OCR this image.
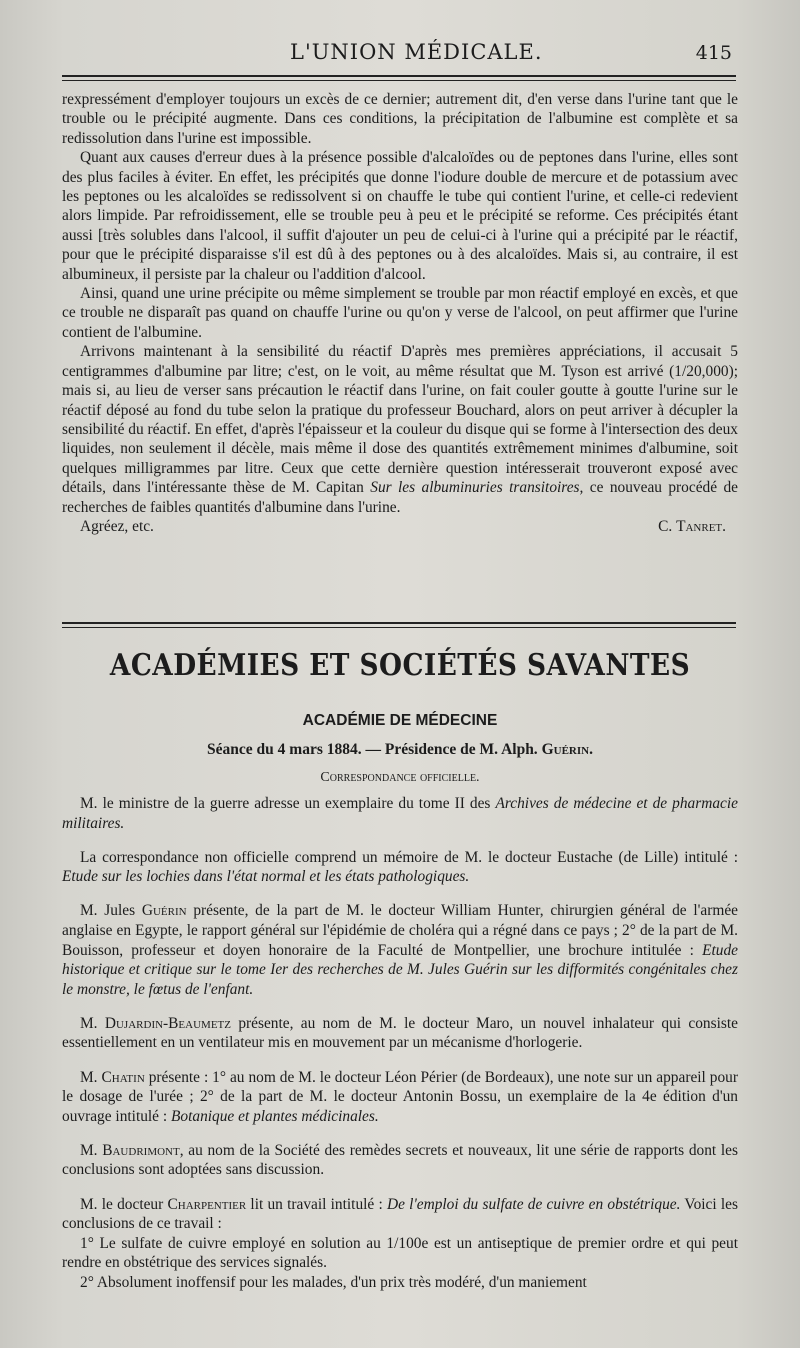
L'UNION MÉDICALE.	415

rexpressément d'employer toujours un excès de ce dernier; autrement dit, d'en verse dans l'urine tant que le trouble ou le précipité augmente. Dans ces conditions, la précipitation de l'albumine est complète et sa redissolution dans l'urine est impossible.

Quant aux causes d'erreur dues à la présence possible d'alcaloïdes ou de peptones dans l'urine, elles sont des plus faciles à éviter. En effet, les précipités que donne l'iodure double de mercure et de potassium avec les peptones ou les alcaloïdes se redissolvent si on chauffe le tube qui contient l'urine, et celle-ci redevient alors limpide. Par refroidissement, elle se trouble peu à peu et le précipité se reforme. Ces précipités étant aussi [très solubles dans l'alcool, il suffit d'ajouter un peu de celui-ci à l'urine qui a précipité par le réactif, pour que le précipité disparaisse s'il est dû à des peptones ou à des alcaloïdes. Mais si, au contraire, il est albumineux, il persiste par la chaleur ou l'addition d'alcool.

Ainsi, quand une urine précipite ou même simplement se trouble par mon réactif employé en excès, et que ce trouble ne disparaît pas quand on chauffe l'urine ou qu'on y verse de l'alcool, on peut affirmer que l'urine contient de l'albumine.

Arrivons maintenant à la sensibilité du réactif D'après mes premières appréciations, il accusait 5 centigrammes d'albumine par litre; c'est, on le voit, au même résultat que M. Tyson est arrivé (1/20,000); mais si, au lieu de verser sans précaution le réactif dans l'urine, on fait couler goutte à goutte l'urine sur le réactif déposé au fond du tube selon la pratique du professeur Bouchard, alors on peut arriver à décupler la sensibilité du réactif. En effet, d'après l'épaisseur et la couleur du disque qui se forme à l'intersection des deux liquides, non seulement il décèle, mais même il dose des quantités extrêmement minimes d'albumine, soit quelques milligrammes par litre. Ceux que cette dernière question intéresserait trouveront exposé avec détails, dans l'intéressante thèse de M. Capitan Sur les albuminuries transitoires, ce nouveau procédé de recherches de faibles quantités d'albumine dans l'urine.

Agréez, etc.	C. Tanret.
ACADÉMIES ET SOCIÉTÉS SAVANTES
ACADÉMIE DE MÉDECINE
Séance du 4 mars 1884. — Présidence de M. Alph. Guérin.
Correspondance officielle.

M. le ministre de la guerre adresse un exemplaire du tome II des Archives de médecine et de pharmacie militaires.

La correspondance non officielle comprend un mémoire de M. le docteur Eustache (de Lille) intitulé : Etude sur les lochies dans l'état normal et les états pathologiques.

M. Jules Guérin présente, de la part de M. le docteur William Hunter, chirurgien général de l'armée anglaise en Egypte, le rapport général sur l'épidémie de choléra qui a régné dans ce pays ; 2° de la part de M. Bouisson, professeur et doyen honoraire de la Faculté de Montpellier, une brochure intitulée : Etude historique et critique sur le tome Ier des recherches de M. Jules Guérin sur les difformités congénitales chez le monstre, le fœtus de l'enfant.

M. Dujardin-Beaumetz présente, au nom de M. le docteur Maro, un nouvel inhalateur qui consiste essentiellement en un ventilateur mis en mouvement par un mécanisme d'horlogerie.

M. Chatin présente : 1° au nom de M. le docteur Léon Périer (de Bordeaux), une note sur un appareil pour le dosage de l'urée ; 2° de la part de M. le docteur Antonin Bossu, un exemplaire de la 4e édition d'un ouvrage intitulé : Botanique et plantes médicinales.

M. Baudrimont, au nom de la Société des remèdes secrets et nouveaux, lit une série de rapports dont les conclusions sont adoptées sans discussion.

M. le docteur Charpentier lit un travail intitulé : De l'emploi du sulfate de cuivre en obstétrique. Voici les conclusions de ce travail :

1° Le sulfate de cuivre employé en solution au 1/100e est un antiseptique de premier ordre et qui peut rendre en obstétrique des services signalés.

2° Absolument inoffensif pour les malades, d'un prix très modéré, d'un maniement
